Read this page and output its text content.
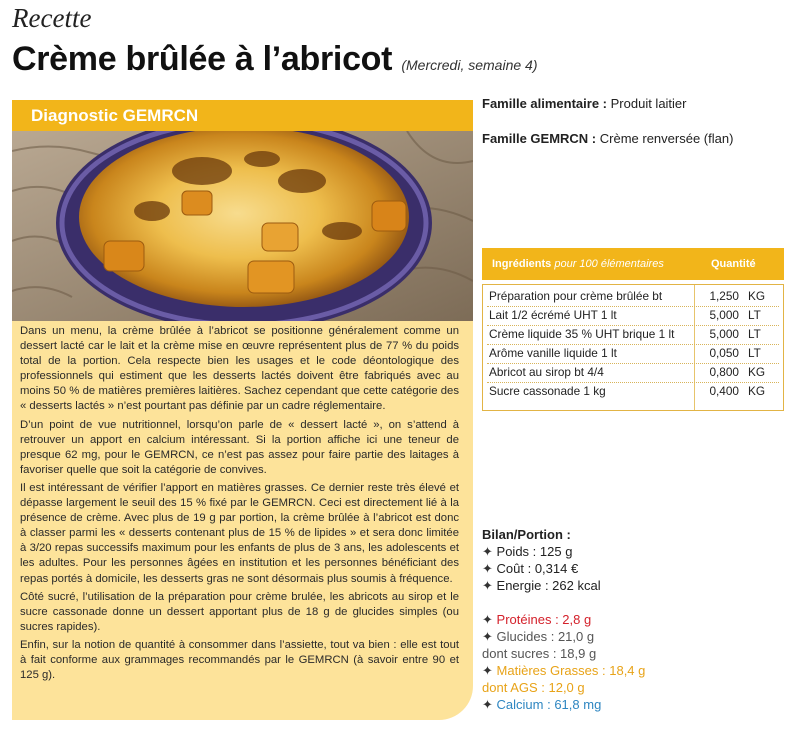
Recette
Crème brûlée à l’abricot (Mercredi, semaine 4)
Diagnostic GEMRCN

Dans un menu, la crème brûlée à l’abricot se positionne généralement comme un dessert lacté car le lait et la crème mise en œuvre représentent plus de 77 % du poids total de la portion. Cela respecte bien les usages et le code déontologique des professionnels qui estiment que les desserts lactés doivent être fabriqués avec au moins 50 % de matières premières laitières. Sachez cependant que cette catégorie des « desserts lactés » n’est pourtant pas définie par un cadre réglementaire.

D’un point de vue nutritionnel, lorsqu’on parle de « dessert lacté », on s’attend à retrouver un apport en calcium intéressant. Si la portion affiche ici une teneur de presque 62 mg, pour le GEMRCN, ce n’est pas assez pour faire partie des laitages à favoriser quelle que soit la catégorie de convives.

Il est intéressant de vérifier l’apport en matières grasses. Ce dernier reste très élevé et dépasse largement le seuil des 15 % fixé par le GEMRCN. Ceci est directement lié à la présence de crème. Avec plus de 19 g par portion, la crème brûlée à l’abricot est donc à classer parmi les « desserts contenant plus de 15 % de lipides » et sera donc limitée à 3/20 repas successifs maximum pour les enfants de plus de 3 ans, les adolescents et les adultes. Pour les personnes âgées en institution et les personnes bénéficiant des repas portés à domicile, les desserts gras ne sont désormais plus soumis à fréquence.

Côté sucré, l’utilisation de la préparation pour crème brulée, les abricots au sirop et le sucre cassonade donne un dessert apportant plus de 18 g de glucides simples (ou sucres rapides).

Enfin, sur la notion de quantité à consommer dans l’assiette, tout va bien : elle est tout à fait conforme aux grammages recommandés par le GEMRCN (à savoir entre 90 et 125 g).

Famille alimentaire : Produit laitier
Famille GEMRCN : Crème renversée (flan)
Ingrédients pour 100 élémentaires	Quantité
Préparation pour crème brûlée bt	1,250 KG
Lait 1/2 écrémé UHT 1 lt	5,000 LT
Crème liquide 35 % UHT brique 1 lt	5,000 LT
Arôme vanille liquide 1 lt	0,050 LT
Abricot au sirop bt 4/4	0,800 KG
Sucre cassonade 1 kg	0,400 KG
Bilan/Portion :
✦ Poids : 125 g
✦ Coût : 0,314 €
✦ Energie : 262 kcal
✦ Protéines : 2,8 g
✦ Glucides : 21,0 g
dont sucres : 18,9 g
✦ Matières Grasses : 18,4 g
dont AGS : 12,0 g
✦ Calcium : 61,8 mg
